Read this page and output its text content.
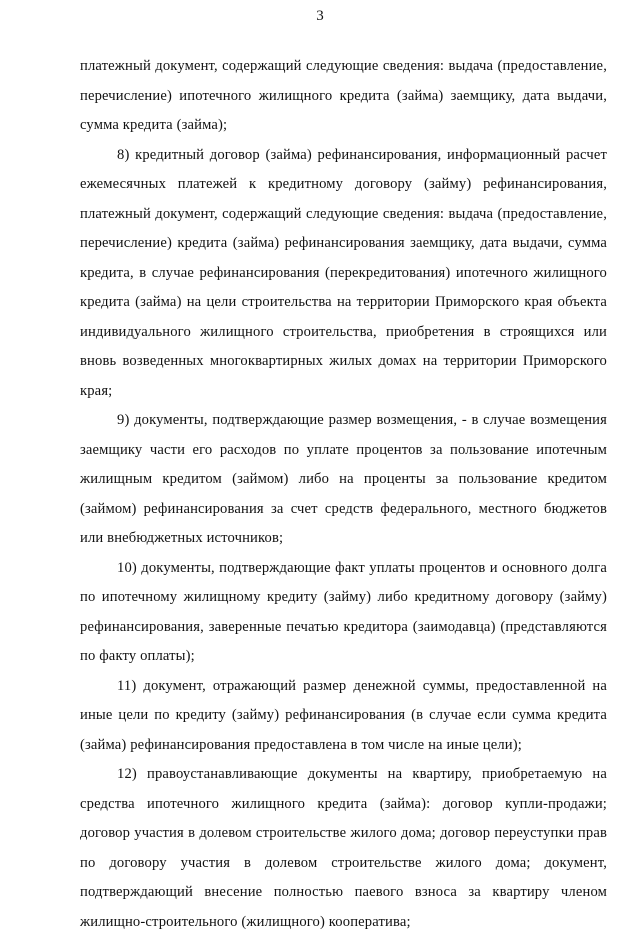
3

платежный документ, содержащий следующие сведения: выдача (предоставление, перечисление) ипотечного жилищного кредита (займа) заемщику, дата выдачи, сумма кредита (займа);

8) кредитный договор (займа) рефинансирования, информационный расчет ежемесячных платежей к кредитному договору (займу) рефинансирования, платежный документ, содержащий следующие сведения: выдача (предоставление, перечисление) кредита (займа) рефинансирования заемщику, дата выдачи, сумма кредита, в случае рефинансирования (перекредитования) ипотечного жилищного кредита (займа) на цели строительства на территории Приморского края объекта индивидуального жилищного строительства, приобретения в строящихся или вновь возведенных многоквартирных жилых домах на территории Приморского края;

9) документы, подтверждающие размер возмещения, - в случае возмещения заемщику части его расходов по уплате процентов за пользование ипотечным жилищным кредитом (займом) либо на проценты за пользование кредитом (займом) рефинансирования за счет средств федерального, местного бюджетов или внебюджетных источников;

10) документы, подтверждающие факт уплаты процентов и основного долга по ипотечному жилищному кредиту (займу) либо кредитному договору (займу) рефинансирования, заверенные печатью кредитора (заимодавца) (представляются по факту оплаты);

11) документ, отражающий размер денежной суммы, предоставленной на иные цели по кредиту (займу) рефинансирования (в случае если сумма кредита (займа) рефинансирования предоставлена в том числе на иные цели);

12) правоустанавливающие документы на квартиру, приобретаемую на средства ипотечного жилищного кредита (займа): договор купли-продажи; договор участия в долевом строительстве жилого дома; договор переуступки прав по договору участия в долевом строительстве жилого дома; документ, подтверждающий внесение полностью паевого взноса за квартиру членом жилищно-строительного (жилищного) кооператива;
